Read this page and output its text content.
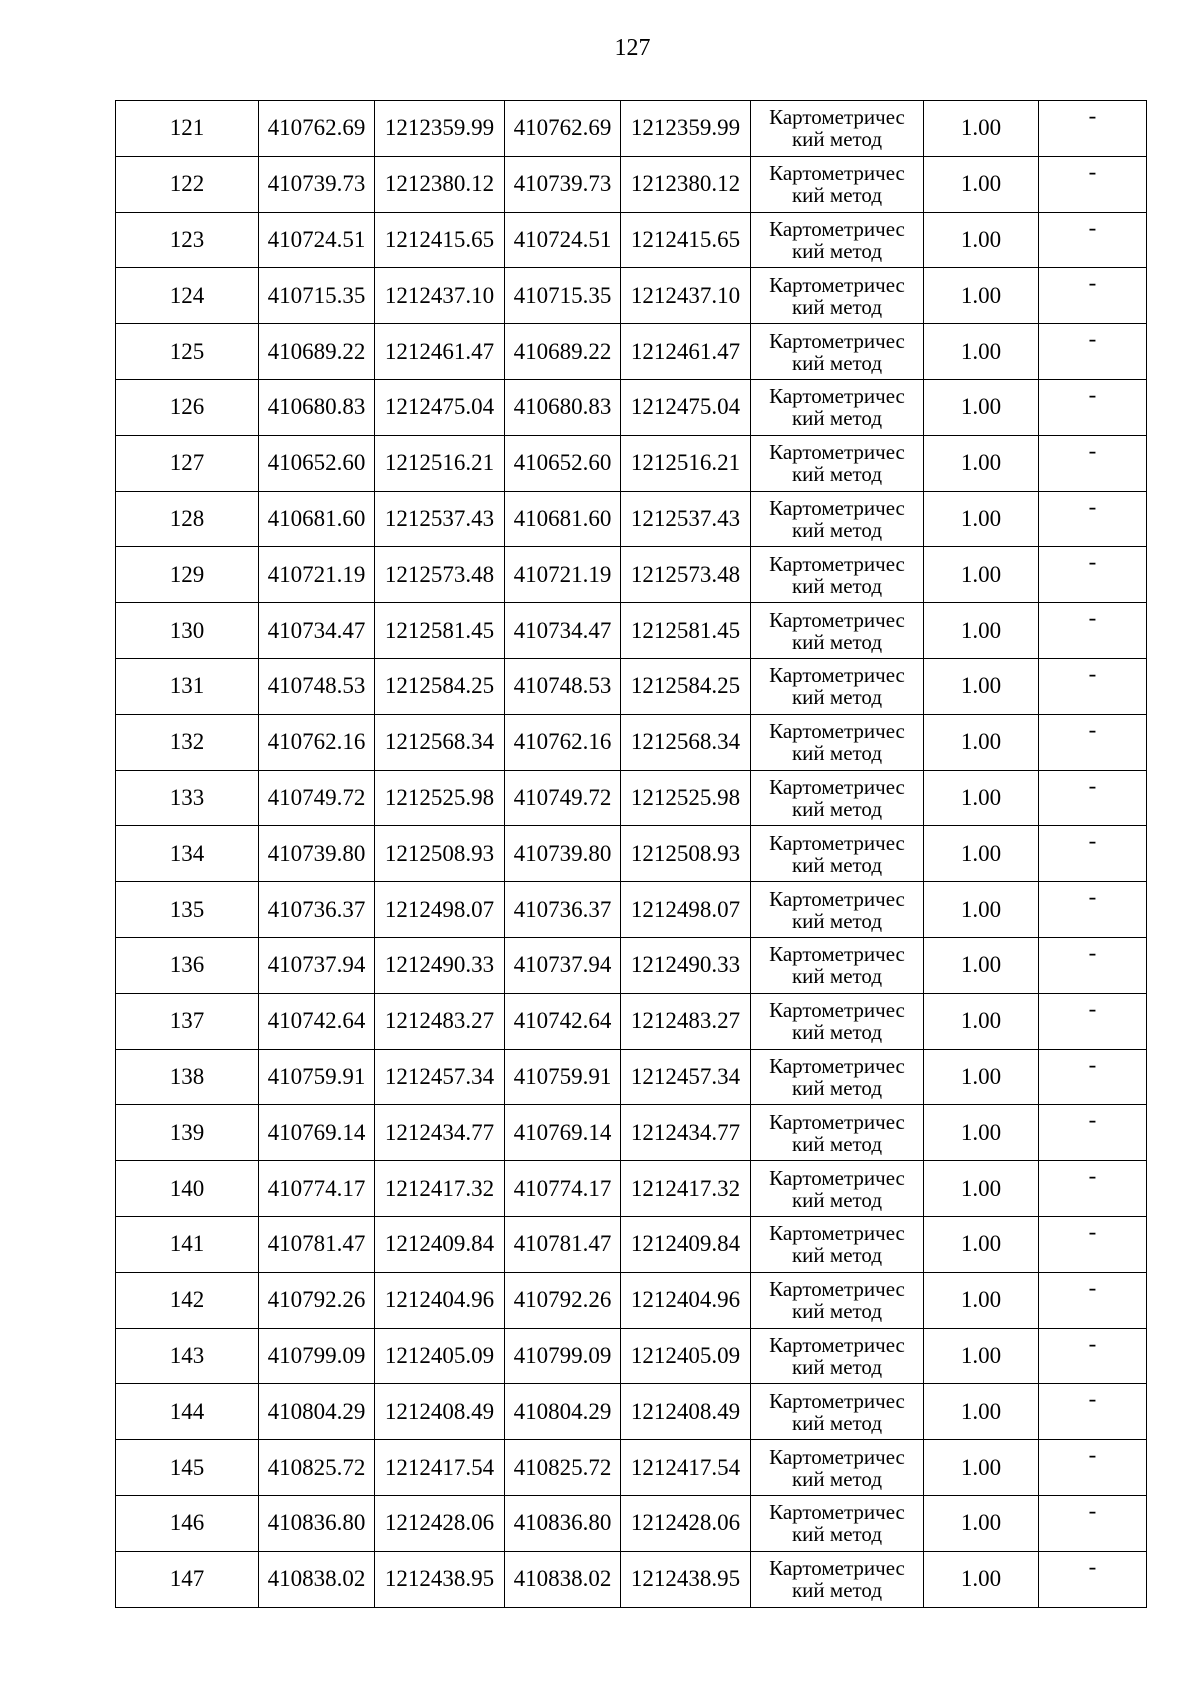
127
121	410762.69	1212359.99	410762.69	1212359.99	Картометричес
кий метод	1.00	-
122	410739.73	1212380.12	410739.73	1212380.12	Картометричес
кий метод	1.00	-
123	410724.51	1212415.65	410724.51	1212415.65	Картометричес
кий метод	1.00	-
124	410715.35	1212437.10	410715.35	1212437.10	Картометричес
кий метод	1.00	-
125	410689.22	1212461.47	410689.22	1212461.47	Картометричес
кий метод	1.00	-
126	410680.83	1212475.04	410680.83	1212475.04	Картометричес
кий метод	1.00	-
127	410652.60	1212516.21	410652.60	1212516.21	Картометричес
кий метод	1.00	-
128	410681.60	1212537.43	410681.60	1212537.43	Картометричес
кий метод	1.00	-
129	410721.19	1212573.48	410721.19	1212573.48	Картометричес
кий метод	1.00	-
130	410734.47	1212581.45	410734.47	1212581.45	Картометричес
кий метод	1.00	-
131	410748.53	1212584.25	410748.53	1212584.25	Картометричес
кий метод	1.00	-
132	410762.16	1212568.34	410762.16	1212568.34	Картометричес
кий метод	1.00	-
133	410749.72	1212525.98	410749.72	1212525.98	Картометричес
кий метод	1.00	-
134	410739.80	1212508.93	410739.80	1212508.93	Картометричес
кий метод	1.00	-
135	410736.37	1212498.07	410736.37	1212498.07	Картометричес
кий метод	1.00	-
136	410737.94	1212490.33	410737.94	1212490.33	Картометричес
кий метод	1.00	-
137	410742.64	1212483.27	410742.64	1212483.27	Картометричес
кий метод	1.00	-
138	410759.91	1212457.34	410759.91	1212457.34	Картометричес
кий метод	1.00	-
139	410769.14	1212434.77	410769.14	1212434.77	Картометричес
кий метод	1.00	-
140	410774.17	1212417.32	410774.17	1212417.32	Картометричес
кий метод	1.00	-
141	410781.47	1212409.84	410781.47	1212409.84	Картометричес
кий метод	1.00	-
142	410792.26	1212404.96	410792.26	1212404.96	Картометричес
кий метод	1.00	-
143	410799.09	1212405.09	410799.09	1212405.09	Картометричес
кий метод	1.00	-
144	410804.29	1212408.49	410804.29	1212408.49	Картометричес
кий метод	1.00	-
145	410825.72	1212417.54	410825.72	1212417.54	Картометричес
кий метод	1.00	-
146	410836.80	1212428.06	410836.80	1212428.06	Картометричес
кий метод	1.00	-
147	410838.02	1212438.95	410838.02	1212438.95	Картометричес
кий метод	1.00	-
